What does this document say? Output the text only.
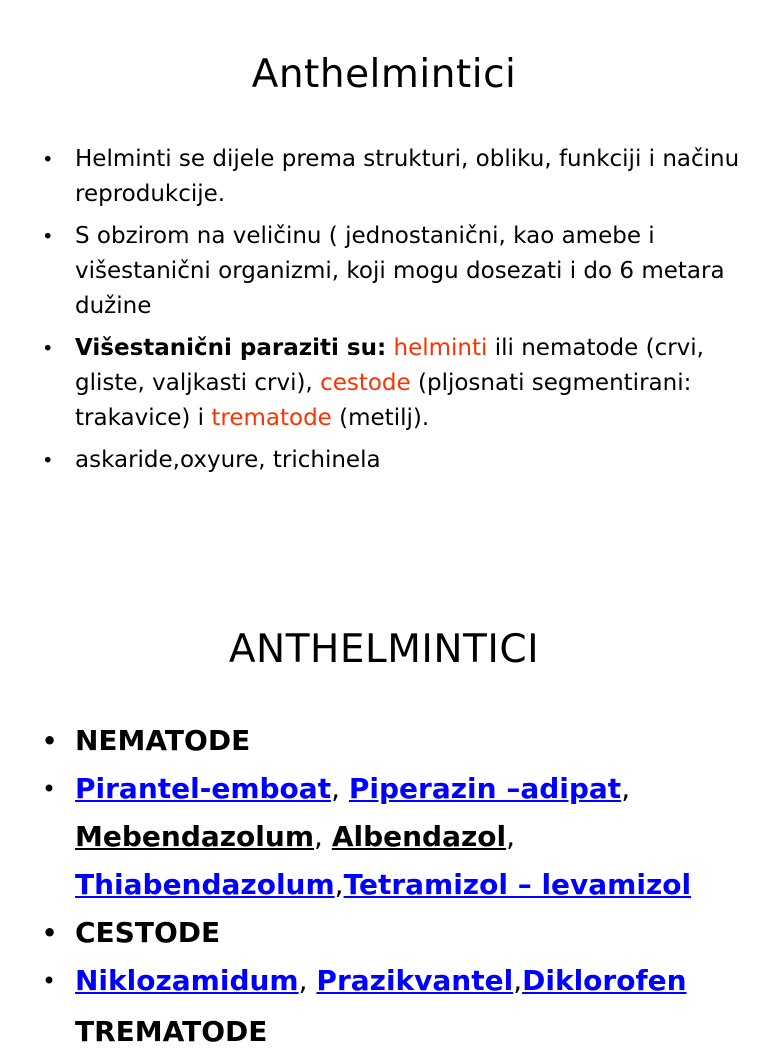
Anthelmintici
• Helminti se dijele prema strukturi, obliku, funkciji i načinu reprodukcije.
• S obzirom na veličinu ( jednostanični, kao amebe i višestanični organizmi, koji mogu dosezati i do 6 metara dužine
• Višestanični paraziti su: helminti ili nematode (crvi, gliste, valjkasti crvi), cestode (pljosnati segmentirani: trakavice) i trematode (metilj).
• askaride,oxyure, trichinela
ANTHELMINTICI
• NEMATODE
• Pirantel-emboat, Piperazin –adipat, Mebendazolum, Albendazol, Thiabendazolum,Tetramizol – levamizol
• CESTODE
• Niklozamidum, Prazikvantel,Diklorofen
TREMATODE
